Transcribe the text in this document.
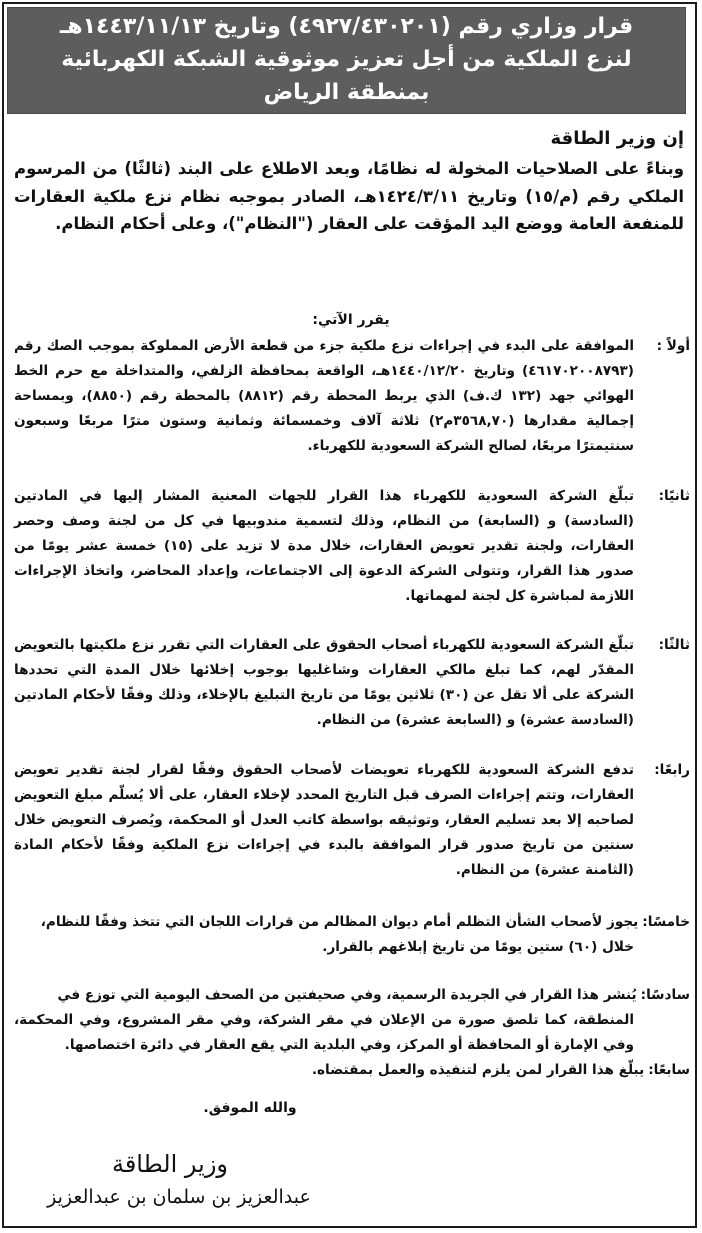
قرار وزاري رقم (٤٩٢٧/٤٣٠٢٠١) وتاريخ ١٤٤٣/١١/١٣هـ
لنزع الملكية من أجل تعزيز موثوقية الشبكة الكهربائية
بمنطقة الرياض
إن وزير الطاقة
وبناءً على الصلاحيات المخولة له نظامًا، وبعد الاطلاع على البند (ثالثًا) من المرسوم الملكي رقم (م/١٥) وتاريخ ١٤٢٤/٣/١١هـ، الصادر بموجبه نظام نزع ملكية العقارات للمنفعة العامة ووضع اليد المؤقت على العقار ("النظام")، وعلى أحكام النظام.
يقرر الآتي:
أولاً :
الموافقة على البدء في إجراءات نزع ملكية جزء من قطعة الأرض المملوكة بموجب الصك رقم (٤٦١٧٠٢٠٠٨٧٩٣) وتاريخ ١٤٤٠/١٢/٢٠هـ، الواقعة بمحافظة الزلفي، والمتداخلة مع حرم الخط الهوائي جهد (١٣٢ ك.ف) الذي يربط المحطة رقم (٨٨١٢) بالمحطة رقم (٨٨٥٠)، وبمساحة إجمالية مقدارها (٣٥٦٨,٧٠م٢) ثلاثة آلاف وخمسمائة وثمانية وستون مترًا مربعًا وسبعون سنتيمترًا مربعًا، لصالح الشركة السعودية للكهرباء.
ثانيًا:
تبلّغ الشركة السعودية للكهرباء هذا القرار للجهات المعنية المشار إليها في المادتين (السادسة) و (السابعة) من النظام، وذلك لتسمية مندوبيها في كل من لجنة وصف وحصر العقارات، ولجنة تقدير تعويض العقارات، خلال مدة لا تزيد على (١٥) خمسة عشر يومًا من صدور هذا القرار، وتتولى الشركة الدعوة إلى الاجتماعات، وإعداد المحاضر، واتخاذ الإجراءات اللازمة لمباشرة كل لجنة لمهماتها.
ثالثًا:
تبلّغ الشركة السعودية للكهرباء أصحاب الحقوق على العقارات التي تقرر نزع ملكيتها بالتعويض المقدّر لهم، كما تبلغ مالكي العقارات وشاغليها بوجوب إخلائها خلال المدة التي تحددها الشركة على ألا تقل عن (٣٠) ثلاثين يومًا من تاريخ التبليغ بالإخلاء، وذلك وفقًا لأحكام المادتين (السادسة عشرة) و (السابعة عشرة) من النظام.
رابعًا:
تدفع الشركة السعودية للكهرباء تعويضات لأصحاب الحقوق وفقًا لقرار لجنة تقدير تعويض العقارات، وتتم إجراءات الصرف قبل التاريخ المحدد لإخلاء العقار، على ألا يُسلّم مبلغ التعويض لصاحبه إلا بعد تسليم العقار، وتوثيقه بواسطة كاتب العدل أو المحكمة، ويُصرف التعويض خلال سنتين من تاريخ صدور قرار الموافقة بالبدء في إجراءات نزع الملكية وفقًا لأحكام المادة (الثامنة عشرة) من النظام.
خامسًا:
يجوز لأصحاب الشأن التظلم أمام ديوان المظالم من قرارات اللجان التي تتخذ وفقًا للنظام،
خلال (٦٠) ستين يومًا من تاريخ إبلاغهم بالقرار.
سادسًا:
يُنشر هذا القرار في الجريدة الرسمية، وفي صحيفتين من الصحف اليومية التي توزع في
المنطقة، كما تلصق صورة من الإعلان في مقر الشركة، وفي مقر المشروع، وفي المحكمة، وفي الإمارة أو المحافظة أو المركز، وفي البلدية التي يقع العقار في دائرة اختصاصها.
سابعًا:
يبلّغ هذا القرار لمن يلزم لتنفيذه والعمل بمقتضاه.
والله الموفق.
وزير الطاقة
عبدالعزيز بن سلمان بن عبدالعزيز
